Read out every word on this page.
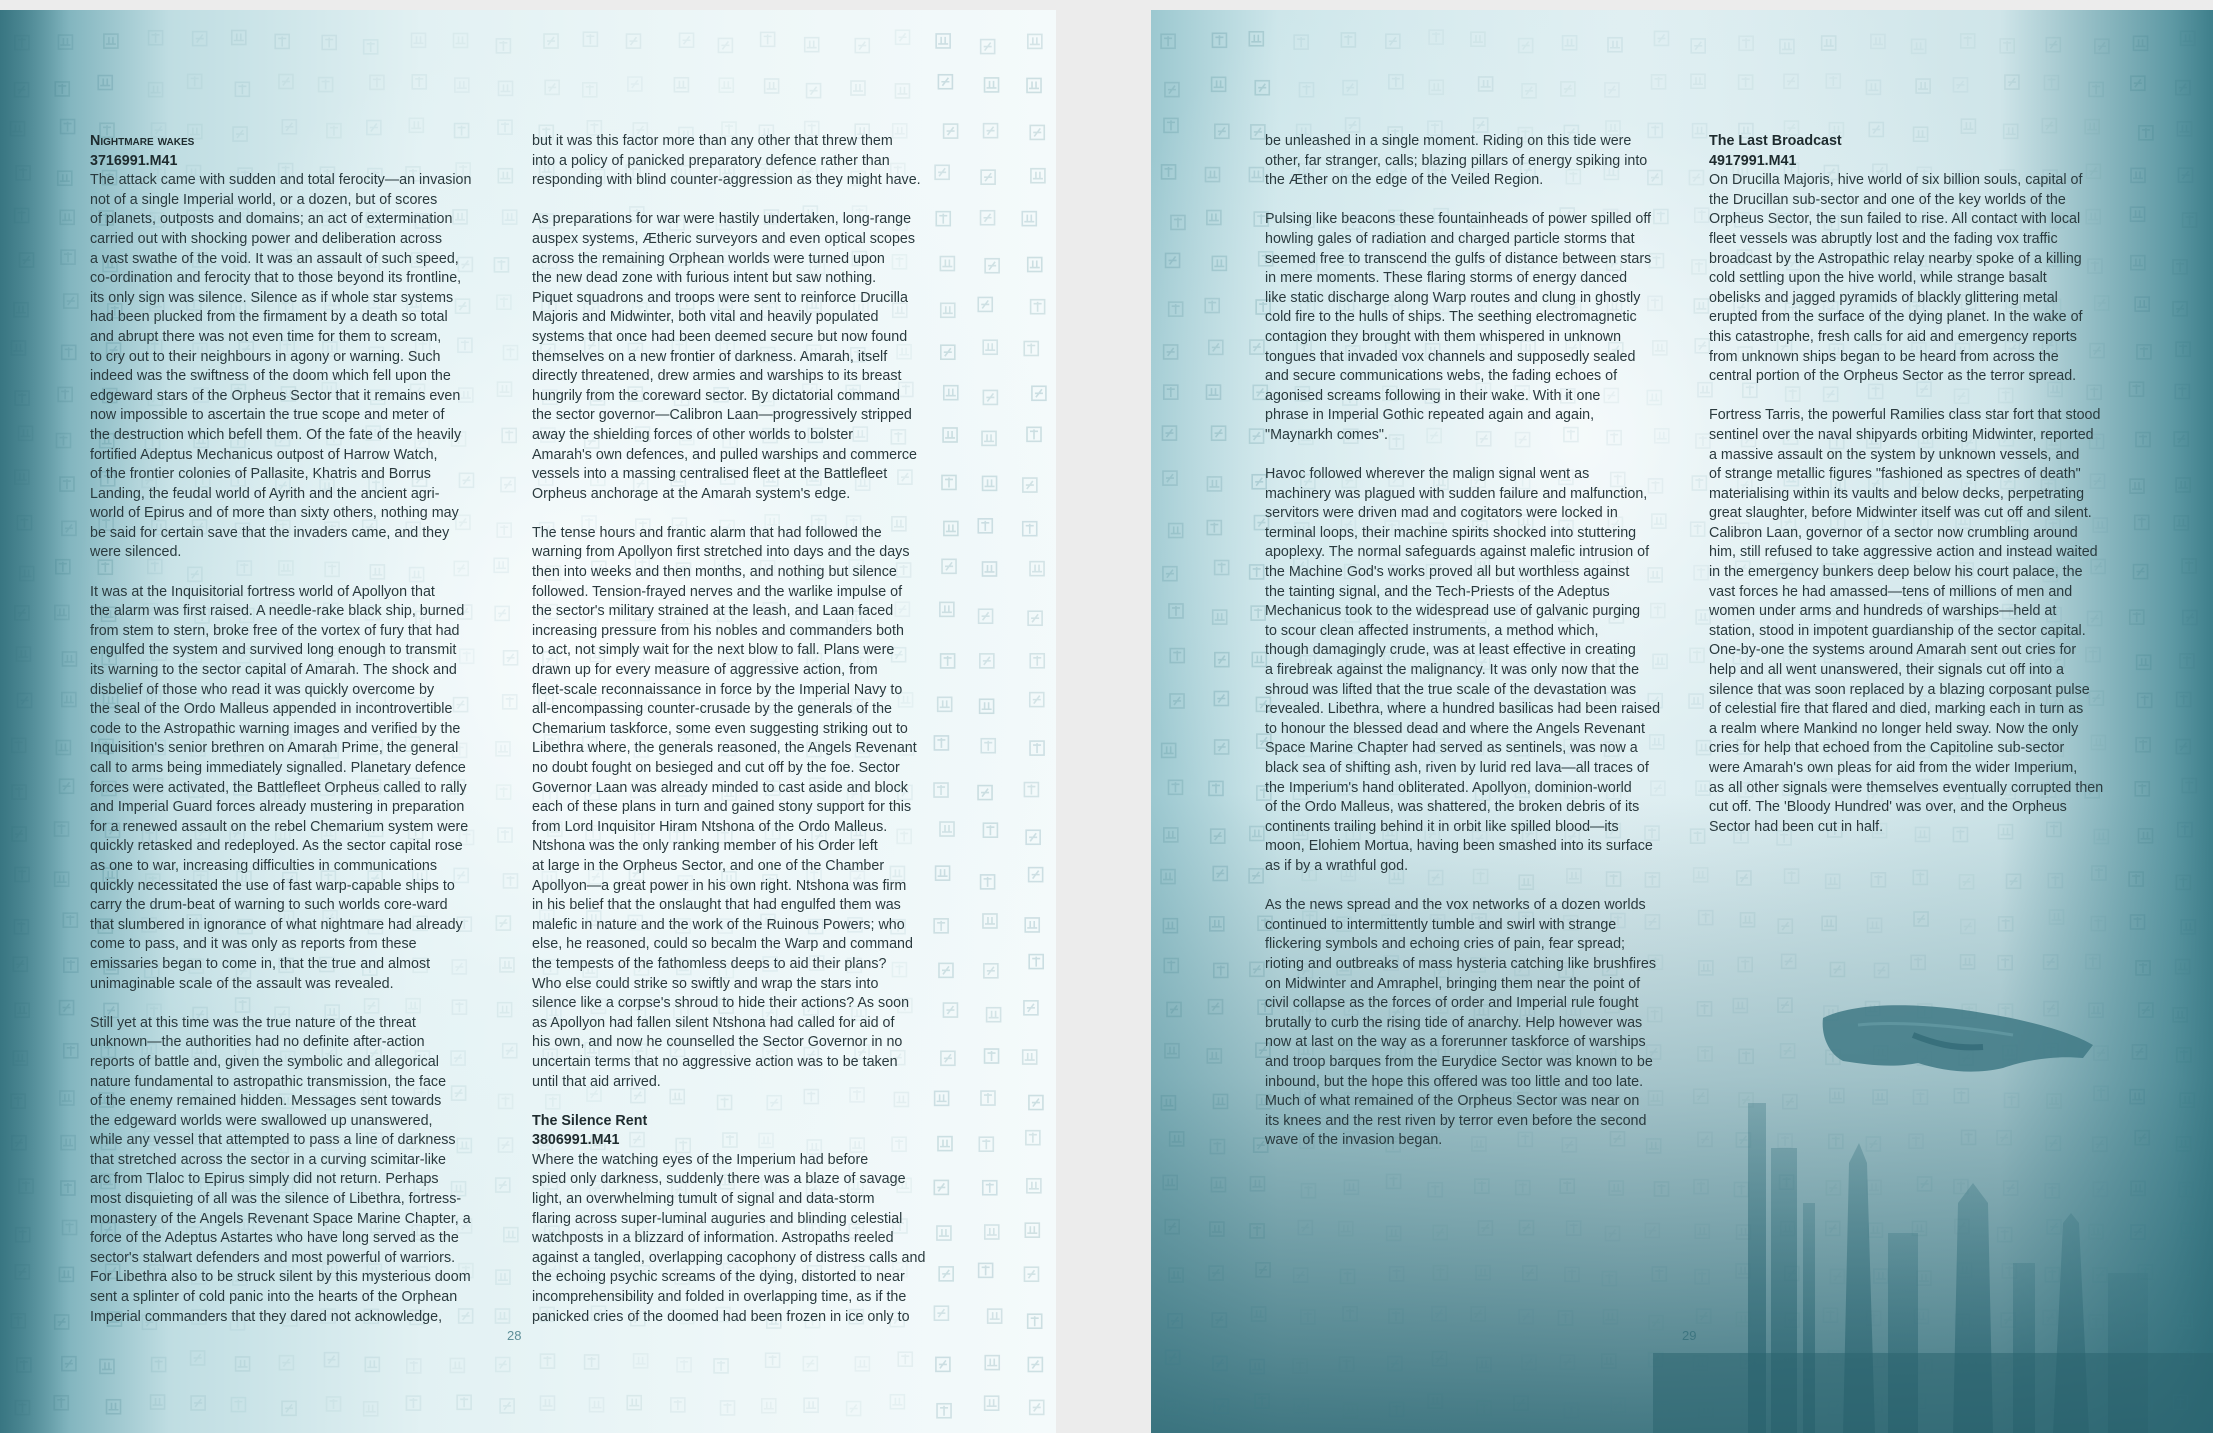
Nightmare wakes
3716991.M41

The attack came with sudden and total ferocity—an invasion
not of a single Imperial world, or a dozen, but of scores
of planets, outposts and domains; an act of extermination
carried out with shocking power and deliberation across
a vast swathe of the void. It was an assault of such speed,
co-ordination and ferocity that to those beyond its frontline,
its only sign was silence. Silence as if whole star systems
had been plucked from the firmament by a death so total
and abrupt there was not even time for them to scream,
to cry out to their neighbours in agony or warning. Such
indeed was the swiftness of the doom which fell upon the
edgeward stars of the Orpheus Sector that it remains even
now impossible to ascertain the true scope and meter of
the destruction which befell them. Of the fate of the heavily
fortified Adeptus Mechanicus outpost of Harrow Watch,
of the frontier colonies of Pallasite, Khatris and Borrus
Landing, the feudal world of Ayrith and the ancient agri-
world of Epirus and of more than sixty others, nothing may
be said for certain save that the invaders came, and they
were silenced.

It was at the Inquisitorial fortress world of Apollyon that
the alarm was first raised. A needle-rake black ship, burned
from stem to stern, broke free of the vortex of fury that had
engulfed the system and survived long enough to transmit
its warning to the sector capital of Amarah. The shock and
disbelief of those who read it was quickly overcome by
the seal of the Ordo Malleus appended in incontrovertible
code to the Astropathic warning images and verified by the
Inquisition's senior brethren on Amarah Prime, the general
call to arms being immediately signalled. Planetary defence
forces were activated, the Battlefleet Orpheus called to rally
and Imperial Guard forces already mustering in preparation
for a renewed assault on the rebel Chemarium system were
quickly retasked and redeployed. As the sector capital rose
as one to war, increasing difficulties in communications
quickly necessitated the use of fast warp-capable ships to
carry the drum-beat of warning to such worlds core-ward
that slumbered in ignorance of what nightmare had already
come to pass, and it was only as reports from these
emissaries began to come in, that the true and almost
unimaginable scale of the assault was revealed.

Still yet at this time was the true nature of the threat
unknown—the authorities had no definite after-action
reports of battle and, given the symbolic and allegorical
nature fundamental to astropathic transmission, the face
of the enemy remained hidden. Messages sent towards
the edgeward worlds were swallowed up unanswered,
while any vessel that attempted to pass a line of darkness
that stretched across the sector in a curving scimitar-like
arc from Tlaloc to Epirus simply did not return. Perhaps
most disquieting of all was the silence of Libethra, fortress-
monastery of the Angels Revenant Space Marine Chapter, a
force of the Adeptus Astartes who have long served as the
sector's stalwart defenders and most powerful of warriors.
For Libethra also to be struck silent by this mysterious doom
sent a splinter of cold panic into the hearts of the Orphean
Imperial commanders that they dared not acknowledge,

but it was this factor more than any other that threw them
into a policy of panicked preparatory defence rather than
responding with blind counter-aggression as they might have.

As preparations for war were hastily undertaken, long-range
auspex systems, Ætheric surveyors and even optical scopes
across the remaining Orphean worlds were turned upon
the new dead zone with furious intent but saw nothing.
Piquet squadrons and troops were sent to reinforce Drucilla
Majoris and Midwinter, both vital and heavily populated
systems that once had been deemed secure but now found
themselves on a new frontier of darkness. Amarah, itself
directly threatened, drew armies and warships to its breast
hungrily from the coreward sector. By dictatorial command
the sector governor—Calibron Laan—progressively stripped
away the shielding forces of other worlds to bolster
Amarah's own defences, and pulled warships and commerce
vessels into a massing centralised fleet at the Battlefleet
Orpheus anchorage at the Amarah system's edge.

The tense hours and frantic alarm that had followed the
warning from Apollyon first stretched into days and the days
then into weeks and then months, and nothing but silence
followed. Tension-frayed nerves and the warlike impulse of
the sector's military strained at the leash, and Laan faced
increasing pressure from his nobles and commanders both
to act, not simply wait for the next blow to fall. Plans were
drawn up for every measure of aggressive action, from
fleet-scale reconnaissance in force by the Imperial Navy to
all-encompassing counter-crusade by the generals of the
Chemarium taskforce, some even suggesting striking out to
Libethra where, the generals reasoned, the Angels Revenant
no doubt fought on besieged and cut off by the foe. Sector
Governor Laan was already minded to cast aside and block
each of these plans in turn and gained stony support for this
from Lord Inquisitor Hiram Ntshona of the Ordo Malleus.
Ntshona was the only ranking member of his Order left
at large in the Orpheus Sector, and one of the Chamber
Apollyon—a great power in his own right. Ntshona was firm
in his belief that the onslaught that had engulfed them was
malefic in nature and the work of the Ruinous Powers; who
else, he reasoned, could so becalm the Warp and command
the tempests of the fathomless deeps to aid their plans?
Who else could strike so swiftly and wrap the stars into
silence like a corpse's shroud to hide their actions? As soon
as Apollyon had fallen silent Ntshona had called for aid of
his own, and now he counselled the Sector Governor in no
uncertain terms that no aggressive action was to be taken
until that aid arrived.

The Silence Rent
3806991.M41

Where the watching eyes of the Imperium had before
spied only darkness, suddenly there was a blaze of savage
light, an overwhelming tumult of signal and data-storm
flaring across super-luminal auguries and blinding celestial
watchposts in a blizzard of information. Astropaths reeled
against a tangled, overlapping cacophony of distress calls and
the echoing psychic screams of the dying, distorted to near
incomprehensibility and folded in overlapping time, as if the
panicked cries of the doomed had been frozen in ice only to

28

be unleashed in a single moment. Riding on this tide were
other, far stranger, calls; blazing pillars of energy spiking into
the Æther on the edge of the Veiled Region.

Pulsing like beacons these fountainheads of power spilled off
howling gales of radiation and charged particle storms that
seemed free to transcend the gulfs of distance between stars
in mere moments. These flaring storms of energy danced
like static discharge along Warp routes and clung in ghostly
cold fire to the hulls of ships. The seething electromagnetic
contagion they brought with them whispered in unknown
tongues that invaded vox channels and supposedly sealed
and secure communications webs, the fading echoes of
agonised screams following in their wake. With it one
phrase in Imperial Gothic repeated again and again,
"Maynarkh comes".

Havoc followed wherever the malign signal went as
machinery was plagued with sudden failure and malfunction,
servitors were driven mad and cogitators were locked in
terminal loops, their machine spirits shocked into stuttering
apoplexy. The normal safeguards against malefic intrusion of
the Machine God's works proved all but worthless against
the tainting signal, and the Tech-Priests of the Adeptus
Mechanicus took to the widespread use of galvanic purging
to scour clean affected instruments, a method which,
though damagingly crude, was at least effective in creating
a firebreak against the malignancy. It was only now that the
shroud was lifted that the true scale of the devastation was
revealed. Libethra, where a hundred basilicas had been raised
to honour the blessed dead and where the Angels Revenant
Space Marine Chapter had served as sentinels, was now a
black sea of shifting ash, riven by lurid red lava—all traces of
the Imperium's hand obliterated. Apollyon, dominion-world
of the Ordo Malleus, was shattered, the broken debris of its
continents trailing behind it in orbit like spilled blood—its
moon, Elohiem Mortua, having been smashed into its surface
as if by a wrathful god.

As the news spread and the vox networks of a dozen worlds
continued to intermittently tumble and swirl with strange
flickering symbols and echoing cries of pain, fear spread;
rioting and outbreaks of mass hysteria catching like brushfires
on Midwinter and Amraphel, bringing them near the point of
civil collapse as the forces of order and Imperial rule fought
brutally to curb the rising tide of anarchy. Help however was
now at last on the way as a forerunner taskforce of warships
and troop barques from the Eurydice Sector was known to be
inbound, but the hope this offered was too little and too late.
Much of what remained of the Orpheus Sector was near on
its knees and the rest riven by terror even before the second
wave of the invasion began.

The Last Broadcast
4917991.M41

On Drucilla Majoris, hive world of six billion souls, capital of
the Drucillan sub-sector and one of the key worlds of the
Orpheus Sector, the sun failed to rise. All contact with local
fleet vessels was abruptly lost and the fading vox traffic
broadcast by the Astropathic relay nearby spoke of a killing
cold settling upon the hive world, while strange basalt
obelisks and jagged pyramids of blackly glittering metal
erupted from the surface of the dying planet. In the wake of
this catastrophe, fresh calls for aid and emergency reports
from unknown ships began to be heard from across the
central portion of the Orpheus Sector as the terror spread.

Fortress Tarris, the powerful Ramilies class star fort that stood
sentinel over the naval shipyards orbiting Midwinter, reported
a massive assault on the system by unknown vessels, and
of strange metallic figures "fashioned as spectres of death"
materialising within its vaults and below decks, perpetrating
great slaughter, before Midwinter itself was cut off and silent.
Calibron Laan, governor of a sector now crumbling around
him, still refused to take aggressive action and instead waited
in the emergency bunkers deep below his court palace, the
vast forces he had amassed—tens of millions of men and
women under arms and hundreds of warships—held at
station, stood in impotent guardianship of the sector capital.
One-by-one the systems around Amarah sent out cries for
help and all went unanswered, their signals cut off into a
silence that was soon replaced by a blazing corposant pulse
of celestial fire that flared and died, marking each in turn as
a realm where Mankind no longer held sway. Now the only
cries for help that echoed from the Capitoline sub-sector
were Amarah's own pleas for aid from the wider Imperium,
as all other signals were themselves eventually corrupted then
cut off. The 'Bloody Hundred' was over, and the Orpheus
Sector had been cut in half.

29
